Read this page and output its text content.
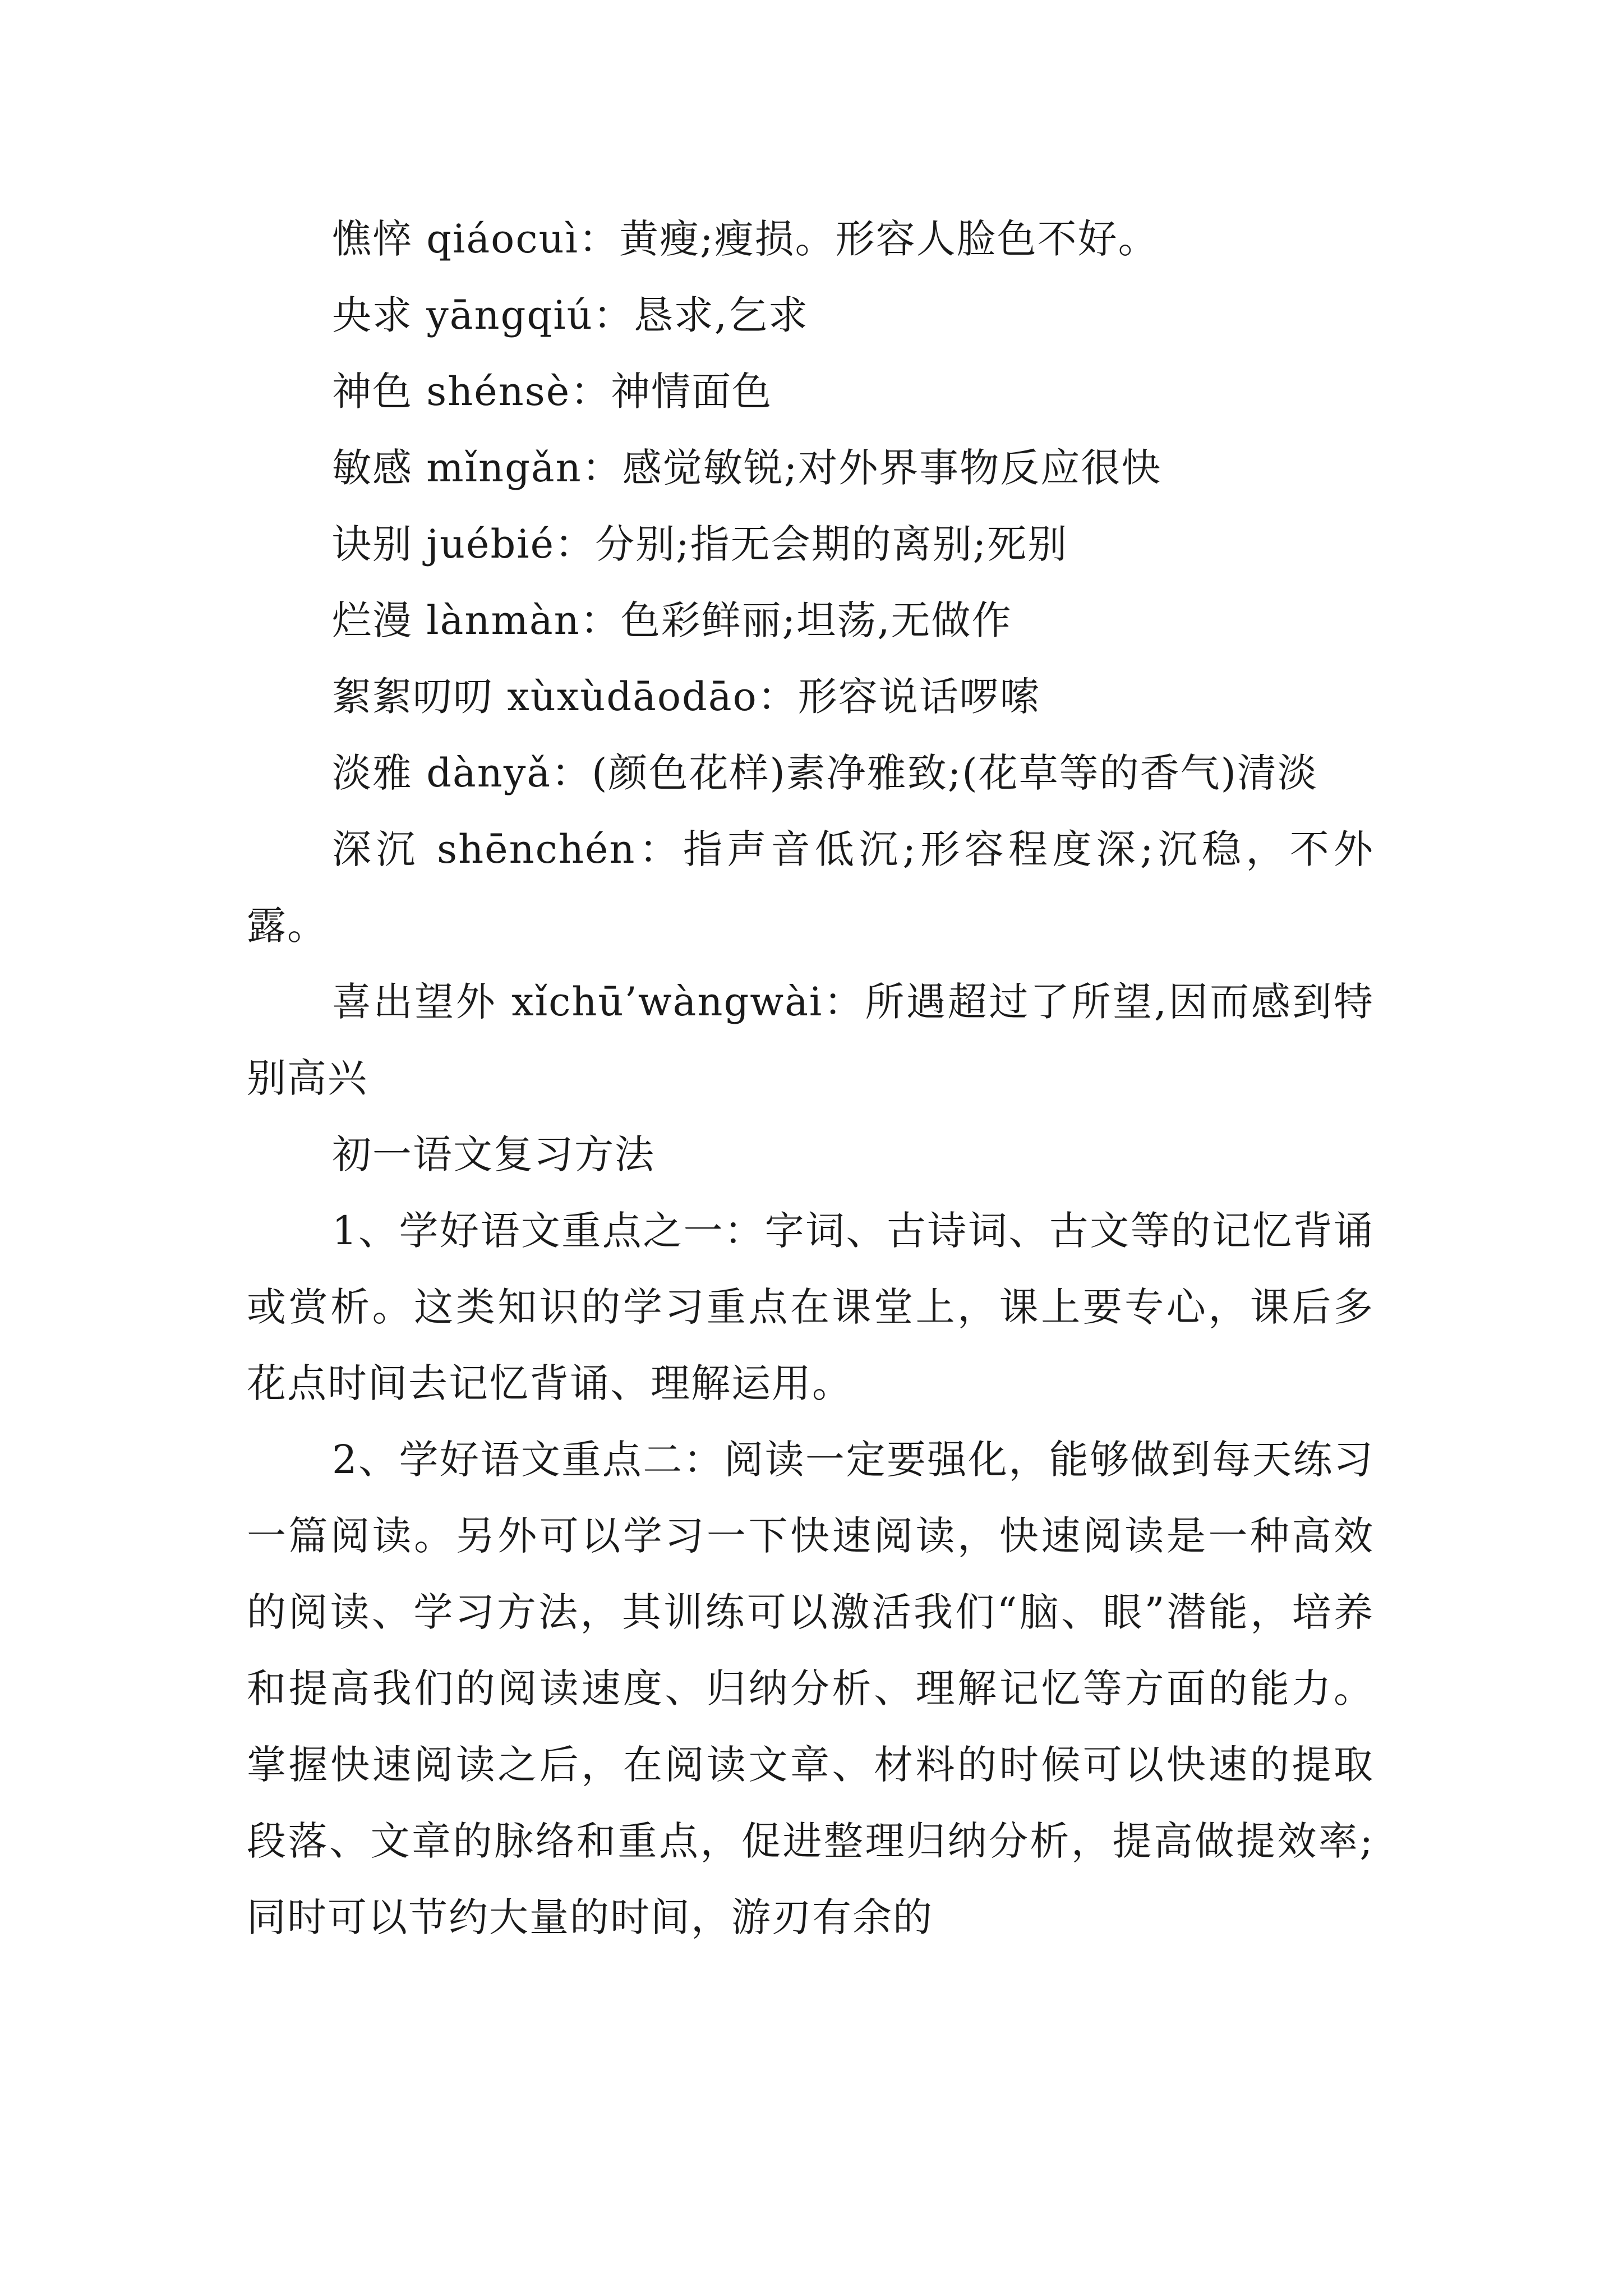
憔悴 qiáocuì：黄瘦;瘦损。形容人脸色不好。

央求 yāngqiú：恳求,乞求

神色 shénsè：神情面色

敏感 mǐngǎn：感觉敏锐;对外界事物反应很快

诀别 juébié：分别;指无会期的离别;死别

烂漫 lànmàn：色彩鲜丽;坦荡,无做作

絮絮叨叨 xùxùdāodāo：形容说话啰嗦

淡雅 dànyǎ：(颜色花样)素净雅致;(花草等的香气)清淡

深沉 shēnchén：指声音低沉;形容程度深;沉稳，不外露。

喜出望外 xǐchū’wàngwài：所遇超过了所望,因而感到特别高兴

初一语文复习方法

1、学好语文重点之一：字词、古诗词、古文等的记忆背诵或赏析。这类知识的学习重点在课堂上，课上要专心，课后多花点时间去记忆背诵、理解运用。

2、学好语文重点二：阅读一定要强化，能够做到每天练习一篇阅读。另外可以学习一下快速阅读，快速阅读是一种高效的阅读、学习方法，其训练可以激活我们“脑、眼”潜能，培养和提高我们的阅读速度、归纳分析、理解记忆等方面的能力。掌握快速阅读之后，在阅读文章、材料的时候可以快速的提取段落、文章的脉络和重点，促进整理归纳分析，提高做提效率;同时可以节约大量的时间，游刃有余的
